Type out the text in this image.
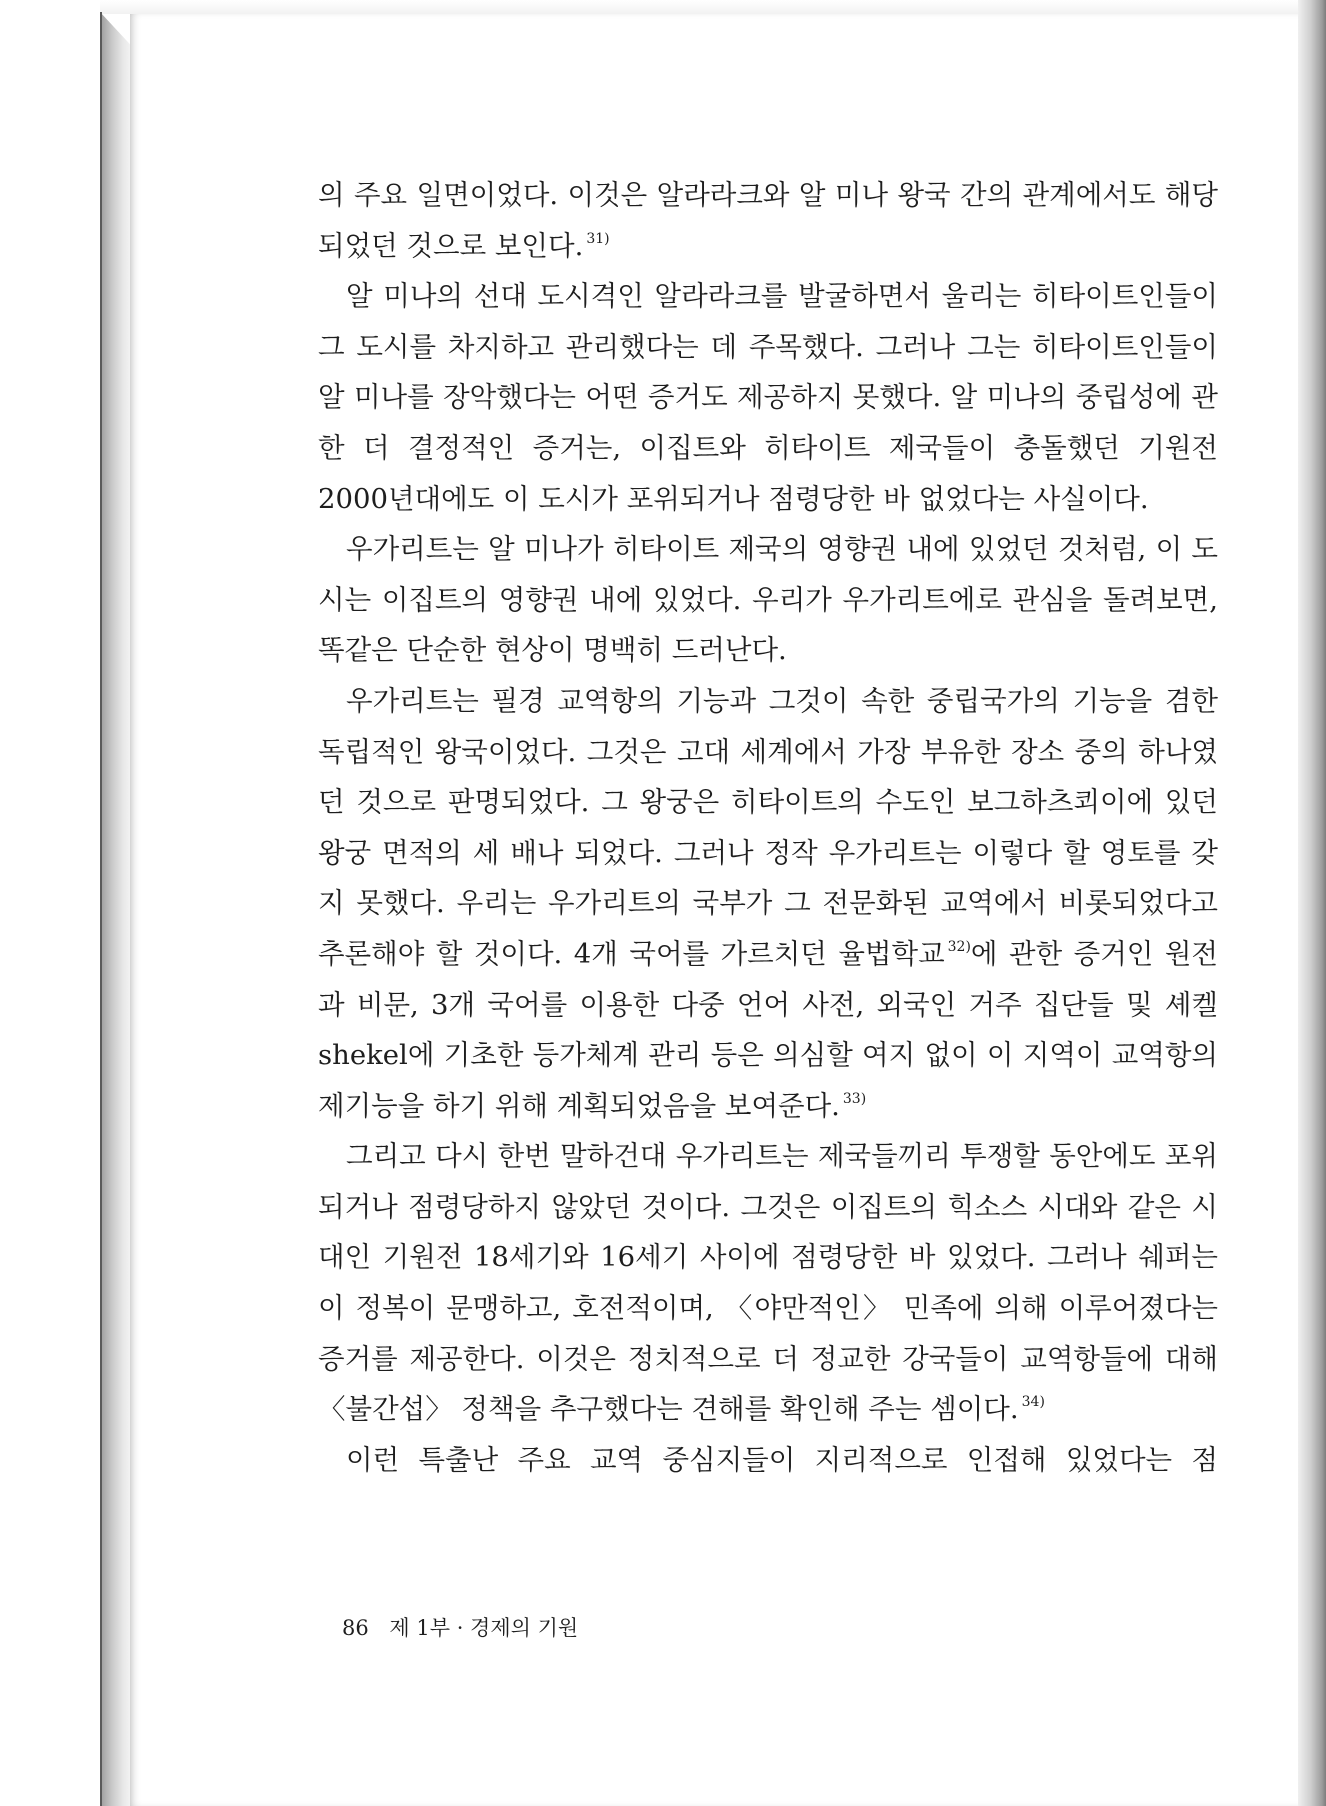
의 주요 일면이었다. 이것은 알라라크와 알 미나 왕국 간의 관계에서도 해당되었던 것으로 보인다. $^{31)}$

알 미나의 선대 도시격인 알라라크를 발굴하면서 울리는 히타이트인들이 그 도시를 차지하고 관리했다는 데 주목했다. 그러나 그는 히타이트인들이 알 미나를 장악했다는 어떤 증거도 제공하지 못했다. 알 미나의 중립성에 관한 더 결정적인 증거는, 이집트와 히타이트 제국들이 충돌했던 기원전 2000년대에도 이 도시가 포위되거나 점령당한 바 없었다는 사실이다.

우가리트는 알 미나가 히타이트 제국의 영향권 내에 있었던 것처럼, 이 도시는 이집트의 영향권 내에 있었다. 우리가 우가리트에로 관심을 돌려보면, 똑같은 단순한 현상이 명백히 드러난다.

우가리트는 필경 교역항의 기능과 그것이 속한 중립국가의 기능을 겸한 독립적인 왕국이었다. 그것은 고대 세계에서 가장 부유한 장소 중의 하나였던 것으로 판명되었다. 그 왕궁은 히타이트의 수도인 보그하츠쾨이에 있던 왕궁 면적의 세 배나 되었다. 그러나 정작 우가리트는 이렇다 할 영토를 갖지 못했다. 우리는 우가리트의 국부가 그 전문화된 교역에서 비롯되었다고 추론해야 할 것이다. 4개 국어를 가르치던 율법학교 $^{32)}$에 관한 증거인 원전과 비문, 3개 국어를 이용한 다중 언어 사전, 외국인 거주 집단들 및 셰켈shekel에 기초한 등가체계 관리 등은 의심할 여지 없이 이 지역이 교역항의 제기능을 하기 위해 계획되었음을 보여준다. $^{33)}$

그리고 다시 한번 말하건대 우가리트는 제국들끼리 투쟁할 동안에도 포위되거나 점령당하지 않았던 것이다. 그것은 이집트의 힉소스 시대와 같은 시대인 기원전 18세기와 16세기 사이에 점령당한 바 있었다. 그러나 쉐퍼는 이 정복이 문맹하고, 호전적이며, 〈야만적인〉 민족에 의해 이루어졌다는 증거를 제공한다. 이것은 정치적으로 더 정교한 강국들이 교역항들에 대해 〈불간섭〉 정책을 추구했다는 견해를 확인해 주는 셈이다. $^{34)}$

이런 특출난 주요 교역 중심지들이 지리적으로 인접해 있었다는 점

86 제 1부 · 경제의 기원
